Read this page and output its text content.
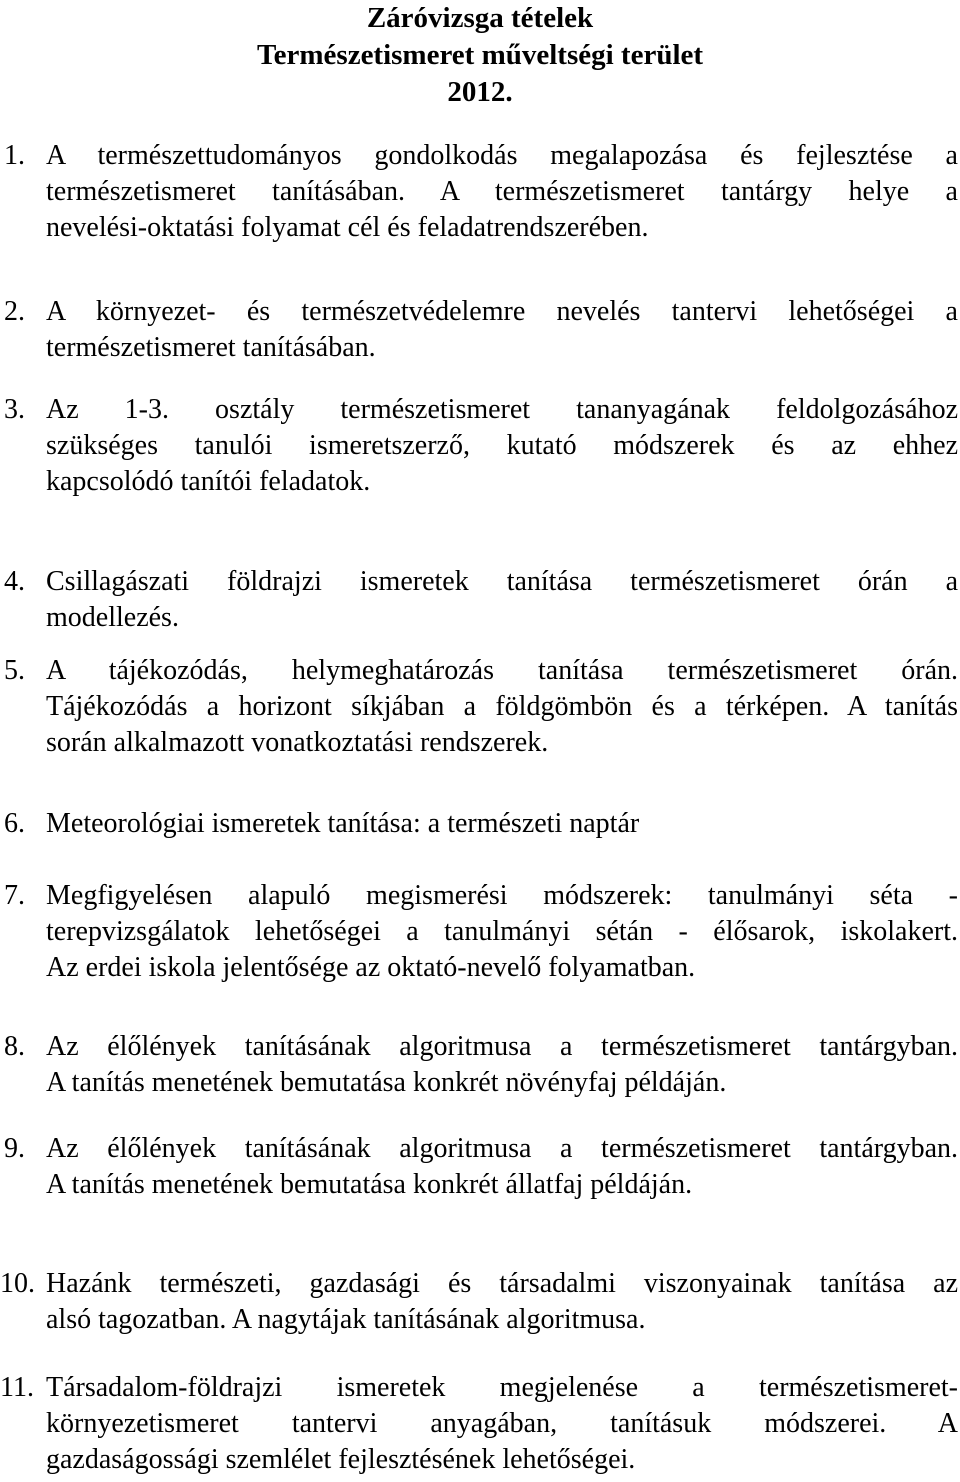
Záróvizsga tételek
Természetismeret műveltségi terület
2012.
1. A természettudományos gondolkodás megalapozása és fejlesztése a
természetismeret tanításában. A természetismeret tantárgy helye a
nevelési-oktatási folyamat cél és feladatrendszerében.
2. A környezet- és természetvédelemre nevelés tantervi lehetőségei a
természetismeret tanításában.
3. Az 1-3. osztály természetismeret tananyagának feldolgozásához
szükséges tanulói ismeretszerző, kutató módszerek és az ehhez
kapcsolódó tanítói feladatok.
4. Csillagászati földrajzi ismeretek tanítása természetismeret órán a
modellezés.
5. A tájékozódás, helymeghatározás tanítása természetismeret órán.
Tájékozódás a horizont síkjában a földgömbön és a térképen. A tanítás
során alkalmazott vonatkoztatási rendszerek.
6. Meteorológiai ismeretek tanítása: a természeti naptár
7. Megfigyelésen alapuló megismerési módszerek: tanulmányi séta -
terepvizsgálatok lehetőségei a tanulmányi sétán - élősarok, iskolakert.
Az erdei iskola jelentősége az oktató-nevelő folyamatban.
8. Az élőlények tanításának algoritmusa a természetismeret tantárgyban.
A tanítás menetének bemutatása konkrét növényfaj példáján.
9. Az élőlények tanításának algoritmusa a természetismeret tantárgyban.
A tanítás menetének bemutatása konkrét állatfaj példáján.
10. Hazánk természeti, gazdasági és társadalmi viszonyainak tanítása az
alsó tagozatban. A nagytájak tanításának algoritmusa.
11. Társadalom-földrajzi ismeretek megjelenése a természetismeret-
környezetismeret tantervi anyagában, tanításuk módszerei. A
gazdaságossági szemlélet fejlesztésének lehetőségei.
